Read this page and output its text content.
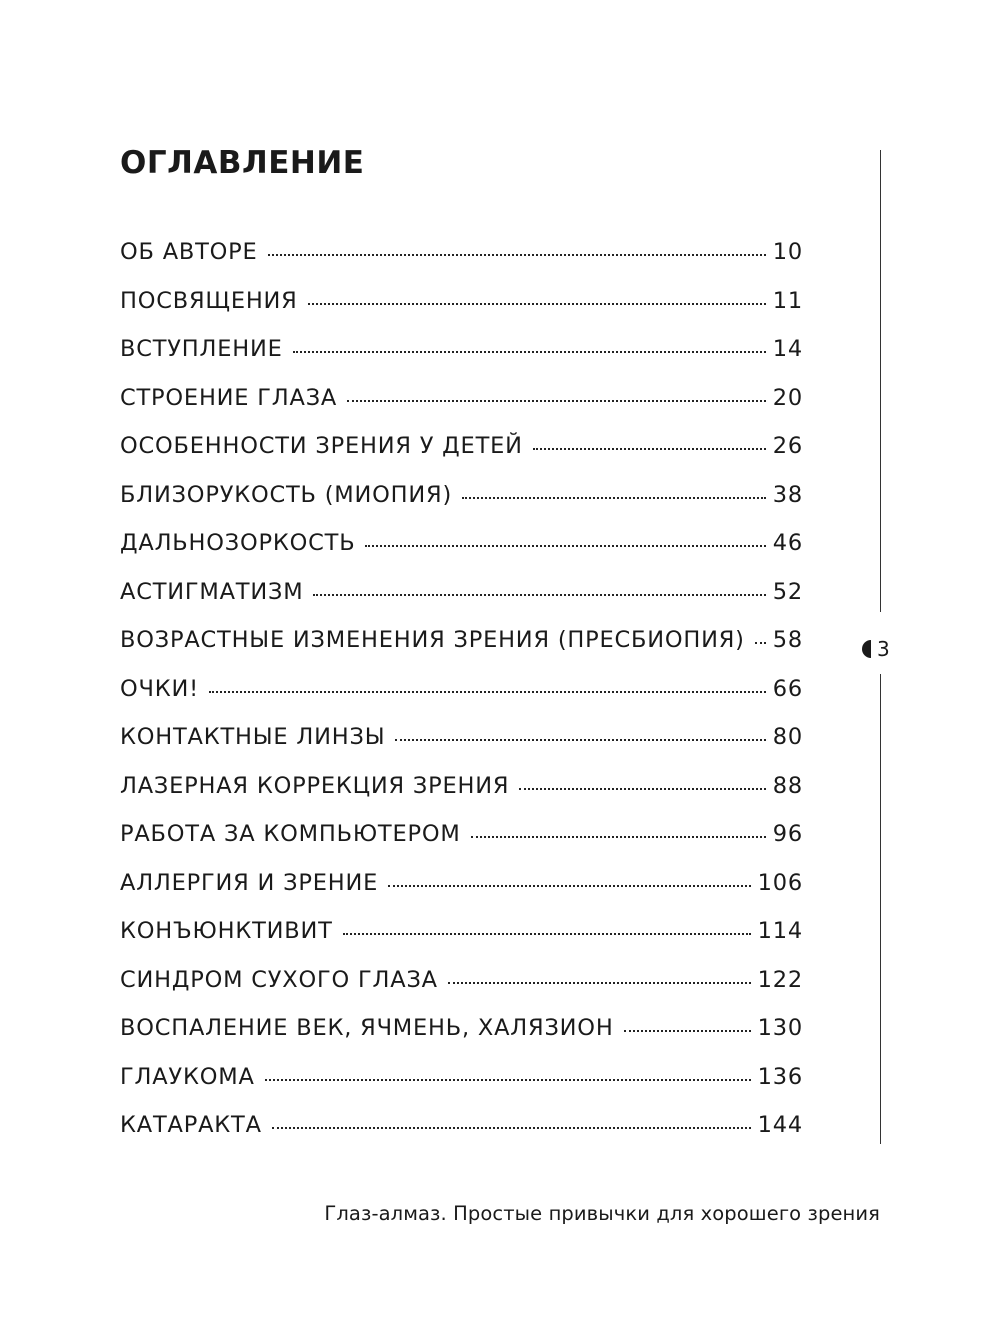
ОГЛАВЛЕНИЕ
ОБ АВТОРЕ	10
ПОСВЯЩЕНИЯ	11
ВСТУПЛЕНИЕ	14
СТРОЕНИЕ ГЛАЗА	20
ОСОБЕННОСТИ ЗРЕНИЯ У ДЕТЕЙ	26
БЛИЗОРУКОСТЬ (МИОПИЯ)	38
ДАЛЬНОЗОРКОСТЬ	46
АСТИГМАТИЗМ	52
ВОЗРАСТНЫЕ ИЗМЕНЕНИЯ ЗРЕНИЯ (ПРЕСБИОПИЯ) 58
ОЧКИ!	66
КОНТАКТНЫЕ ЛИНЗЫ	80
ЛАЗЕРНАЯ КОРРЕКЦИЯ ЗРЕНИЯ	88
РАБОТА ЗА КОМПЬЮТЕРОМ	96
АЛЛЕРГИЯ И ЗРЕНИЕ	106
КОНЪЮНКТИВИТ	114
СИНДРОМ СУХОГО ГЛАЗА	122
ВОСПАЛЕНИЕ ВЕК, ЯЧМЕНЬ, ХАЛЯЗИОН	130
ГЛАУКОМА	136
КАТАРАКТА	144
3
Глаз-алмаз. Простые привычки для хорошего зрения
